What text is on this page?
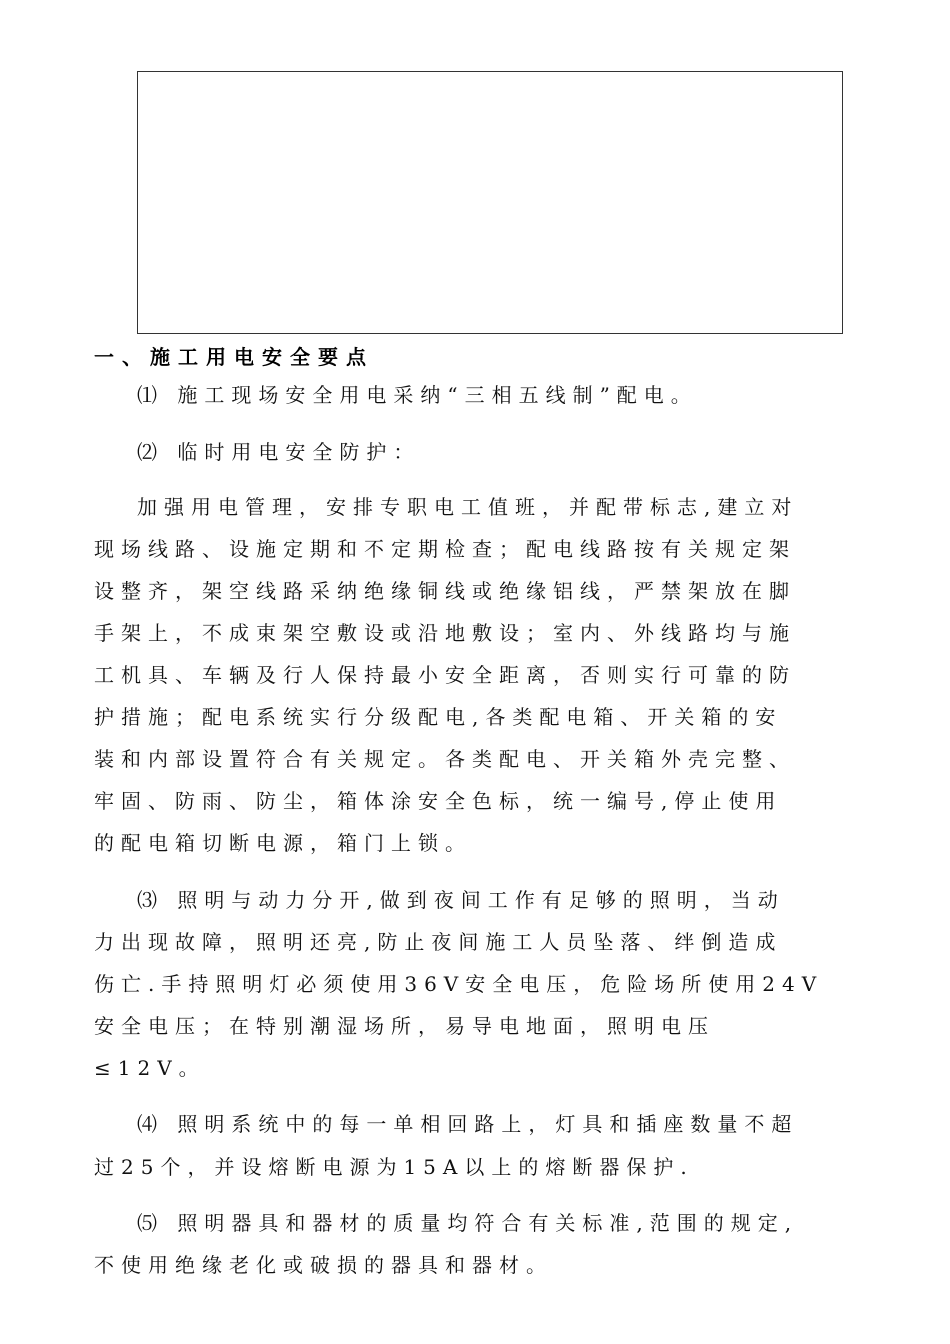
一、施工用电安全要点
⑴ 施工现场安全用电采纳“三相五线制”配电。
⑵ 临时用电安全防护：
加强用电管理，安排专职电工值班，并配带标志,建立对
现场线路、设施定期和不定期检查；配电线路按有关规定架
设整齐，架空线路采纳绝缘铜线或绝缘铝线，严禁架放在脚
手架上，不成束架空敷设或沿地敷设；室内、外线路均与施
工机具、车辆及行人保持最小安全距离，否则实行可靠的防
护措施；配电系统实行分级配电,各类配电箱、开关箱的安
装和内部设置符合有关规定。各类配电、开关箱外壳完整、
牢固、防雨、防尘，箱体涂安全色标，统一编号,停止使用
的配电箱切断电源，箱门上锁。
⑶ 照明与动力分开,做到夜间工作有足够的照明，当动
力出现故障，照明还亮,防止夜间施工人员坠落、绊倒造成
伤亡.手持照明灯必须使用36V安全电压，危险场所使用24V
安全电压；在特别潮湿场所，易导电地面，照明电压
≤12V。
⑷ 照明系统中的每一单相回路上，灯具和插座数量不超
过25个，并设熔断电源为15A以上的熔断器保护.
⑸ 照明器具和器材的质量均符合有关标准,范围的规定,
不使用绝缘老化或破损的器具和器材。
